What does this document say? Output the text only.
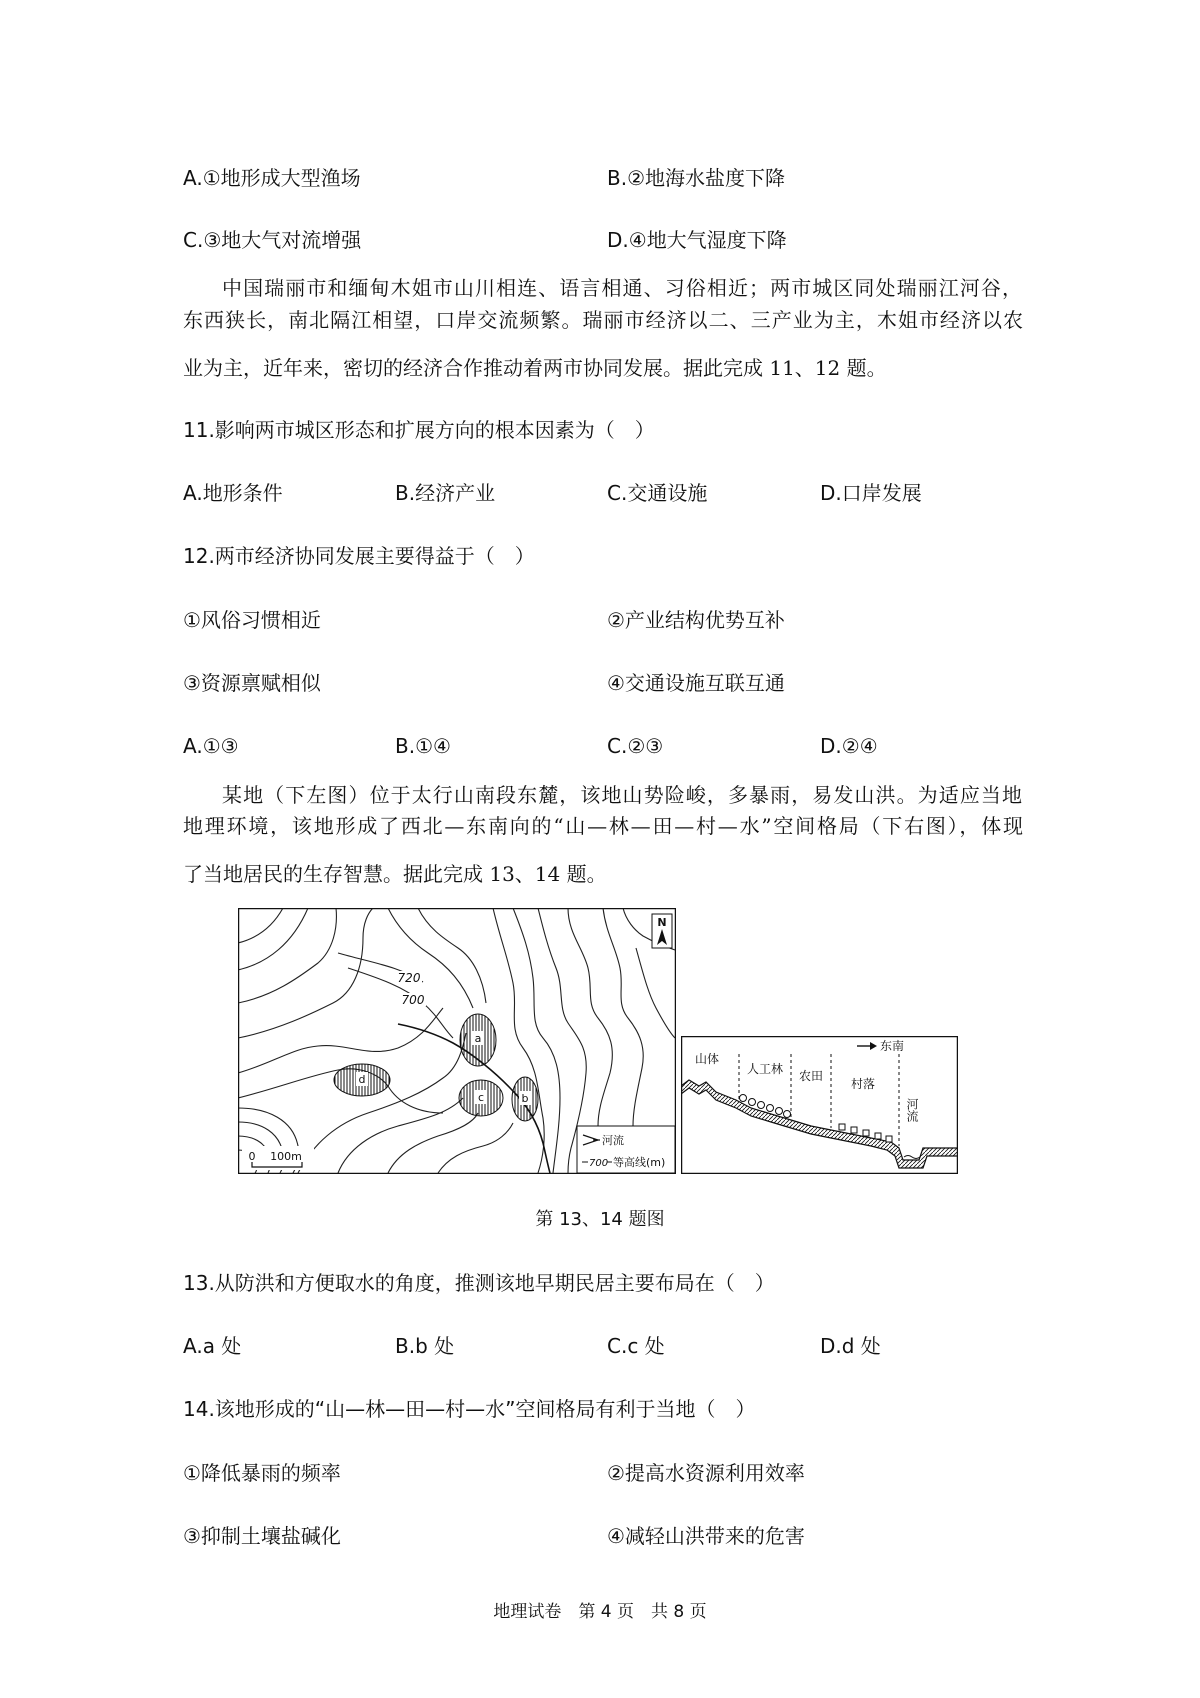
A.①地形成大型渔场	B.②地海水盐度下降
C.③地大气对流增强	D.④地大气湿度下降
中国瑞丽市和缅甸木姐市山川相连、语言相通、习俗相近；两市城区同处瑞丽江河谷，
东西狭长，南北隔江相望，口岸交流频繁。瑞丽市经济以二、三产业为主，木姐市经济以农
业为主，近年来，密切的经济合作推动着两市协同发展。据此完成 11、12 题。
11.影响两市城区形态和扩展方向的根本因素为（　）
A.地形条件	B.经济产业	C.交通设施	D.口岸发展
12.两市经济协同发展主要得益于（　）
①风俗习惯相近	②产业结构优势互补
③资源禀赋相似	④交通设施互联互通
A.①③	B.①④	C.②③	D.②④
某地（下左图）位于太行山南段东麓，该地山势险峻，多暴雨，易发山洪。为适应当地
地理环境，该地形成了西北—东南向的“山—林—田—村—水”空间格局（下右图），体现
了当地居民的生存智慧。据此完成 13、14 题。
a
d
c	b
720
700
N
0 100m
河流
700 等高线(m)
山体
人工林 农田
村落
河流
东南
第 13、14 题图
13.从防洪和方便取水的角度，推测该地早期民居主要布局在（　）
A.a 处	B.b 处	C.c 处	D.d 处
14.该地形成的“山—林—田—村—水”空间格局有利于当地（　）
①降低暴雨的频率	②提高水资源利用效率
③抑制土壤盐碱化	④减轻山洪带来的危害
地理试卷　第 4 页　共 8 页
